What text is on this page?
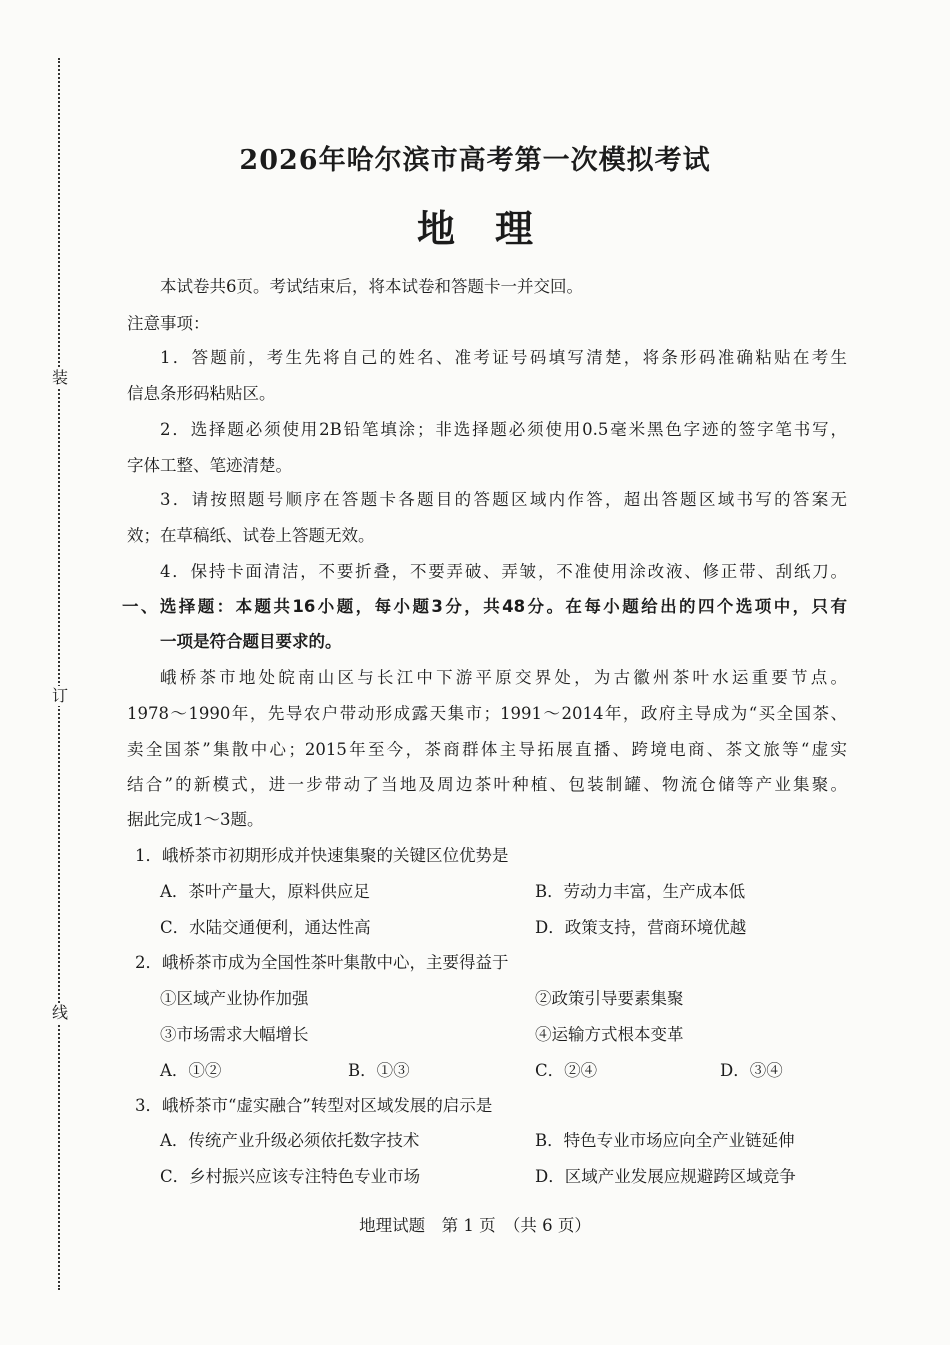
装
订
线
2026年哈尔滨市高考第一次模拟考试
地理
本试卷共6页。考试结束后，将本试卷和答题卡一并交回。
注意事项：
1．答题前，考生先将自己的姓名、准考证号码填写清楚，将条形码准确粘贴在考生
信息条形码粘贴区。
2．选择题必须使用2B铅笔填涂；非选择题必须使用0.5毫米黑色字迹的签字笔书写，
字体工整、笔迹清楚。
3．请按照题号顺序在答题卡各题目的答题区域内作答，超出答题区域书写的答案无
效；在草稿纸、试卷上答题无效。
4．保持卡面清洁，不要折叠，不要弄破、弄皱，不准使用涂改液、修正带、刮纸刀。
一、选择题：本题共16小题，每小题3分，共48分。在每小题给出的四个选项中，只有
一项是符合题目要求的。
峨桥茶市地处皖南山区与长江中下游平原交界处，为古徽州茶叶水运重要节点。
1978～1990年，先导农户带动形成露天集市；1991～2014年，政府主导成为“买全国茶、
卖全国茶”集散中心；2015年至今，茶商群体主导拓展直播、跨境电商、茶文旅等“虚实
结合”的新模式，进一步带动了当地及周边茶叶种植、包装制罐、物流仓储等产业集聚。
据此完成1～3题。
1．峨桥茶市初期形成并快速集聚的关键区位优势是
A．茶叶产量大，原料供应足	B．劳动力丰富，生产成本低
C．水陆交通便利，通达性高	D．政策支持，营商环境优越
2．峨桥茶市成为全国性茶叶集散中心，主要得益于
①区域产业协作加强	②政策引导要素集聚
③市场需求大幅增长	④运输方式根本变革
A．①②	B．①③	C．②④	D．③④
3．峨桥茶市“虚实融合”转型对区域发展的启示是
A．传统产业升级必须依托数字技术	B．特色专业市场应向全产业链延伸
C．乡村振兴应该专注特色专业市场	D．区域产业发展应规避跨区域竞争
地理试题　第 1 页　（共 6 页）
